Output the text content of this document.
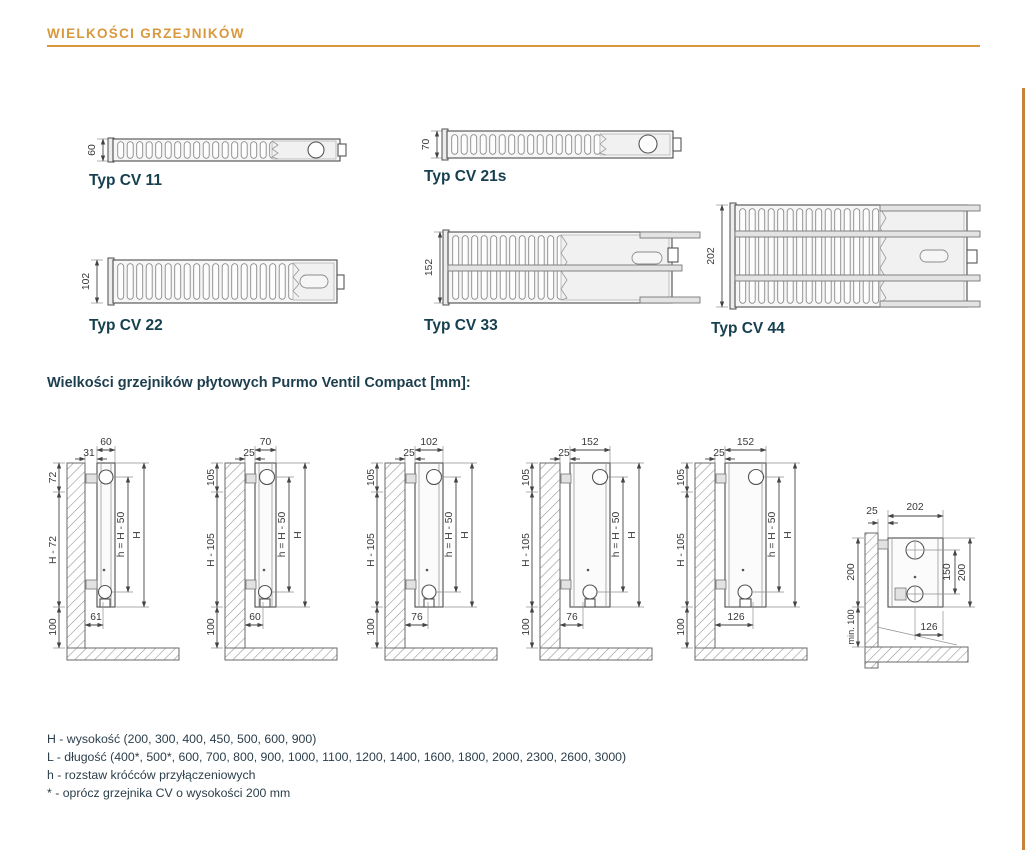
60	70
102
152
202
72
H - 72
100
60
31
h = H - 50 H
61
105
H - 105
100
70
25
h = H - 50 H
60
105
H - 105
100
102
25
h = H - 50 H
76
105
H - 105
100
152
25
h = H - 50 H
76
105
H - 105
100
152
25
h = H - 50 H
126
202
25
200
min. 100
150 200
126
WIELKOŚCI GRZEJNIKÓW
Typ CV 11	Typ CV 21s
Typ CV 22	Typ CV 33	Typ CV 44
Wielkości grzejników płytowych Purmo Ventil Compact [mm]:
H - wysokość (200, 300, 400, 450, 500, 600, 900)
L - długość (400*, 500*, 600, 700, 800, 900, 1000, 1100, 1200, 1400, 1600, 1800, 2000, 2300, 2600, 3000)
h - rozstaw króćców przyłączeniowych
* - oprócz grzejnika CV o wysokości 200 mm
